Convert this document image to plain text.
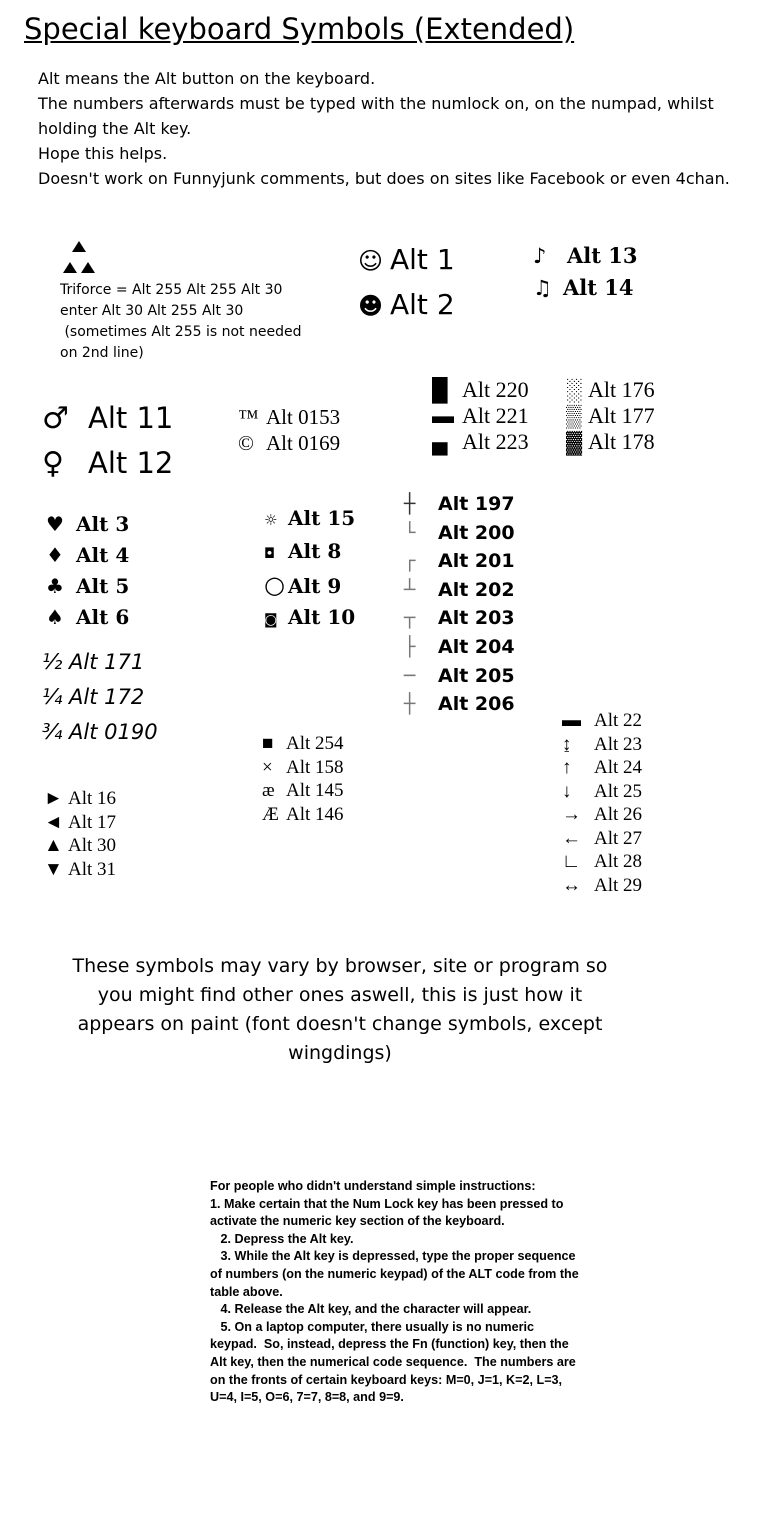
Special keyboard Symbols (Extended)
Alt means the Alt button on the keyboard.
The numbers afterwards must be typed with the numlock on, on the numpad, whilst
holding the Alt key.
Hope this helps.
Doesn't work on Funnyjunk comments, but does on sites like Facebook or even 4chan.
Triforce = Alt 255 Alt 255 Alt 30
enter Alt 30 Alt 255 Alt 30
(sometimes Alt 255 is not needed
on 2nd line)
☺ Alt 1
☻ Alt 2
♪ Alt 13
♫ Alt 14
♂ Alt 11
♀ Alt 12
™ Alt 0153
© Alt 0169
█ Alt 220
▬ Alt 221
▄ Alt 223
░ Alt 176
▒ Alt 177
▓ Alt 178
♥ Alt 3
♦ Alt 4
♣ Alt 5
♠ Alt 6
☼ Alt 15
◘ Alt 8
○ Alt 9
◙ Alt 10
┼ Alt 197
└ Alt 200
┌ Alt 201
┴ Alt 202
┬ Alt 203
├ Alt 204
─ Alt 205
┼ Alt 206
½ Alt 171
¼ Alt 172
¾ Alt 0190	■ Alt 254
× Alt 158
æ Alt 145
Æ Alt 146
► Alt 16
◄ Alt 17
▲ Alt 30
▼ Alt 31
▬ Alt 22
↨ Alt 23
↑ Alt 24
↓ Alt 25
→ Alt 26
← Alt 27
∟ Alt 28
↔ Alt 29
These symbols may vary by browser, site or program so you might find other ones aswell, this is just how it appears on paint (font doesn't change symbols, except wingdings)
For people who didn't understand simple instructions:
1. Make certain that the Num Lock key has been pressed to activate the numeric key section of the keyboard.
2. Depress the Alt key.
3. While the Alt key is depressed, type the proper sequence of numbers (on the numeric keypad) of the ALT code from the table above.
4. Release the Alt key, and the character will appear.
5. On a laptop computer, there usually is no numeric keypad.  So, instead, depress the Fn (function) key, then the Alt key, then the numerical code sequence.  The numbers are on the fronts of certain keyboard keys: M=0, J=1, K=2, L=3, U=4, I=5, O=6, 7=7, 8=8, and 9=9.
